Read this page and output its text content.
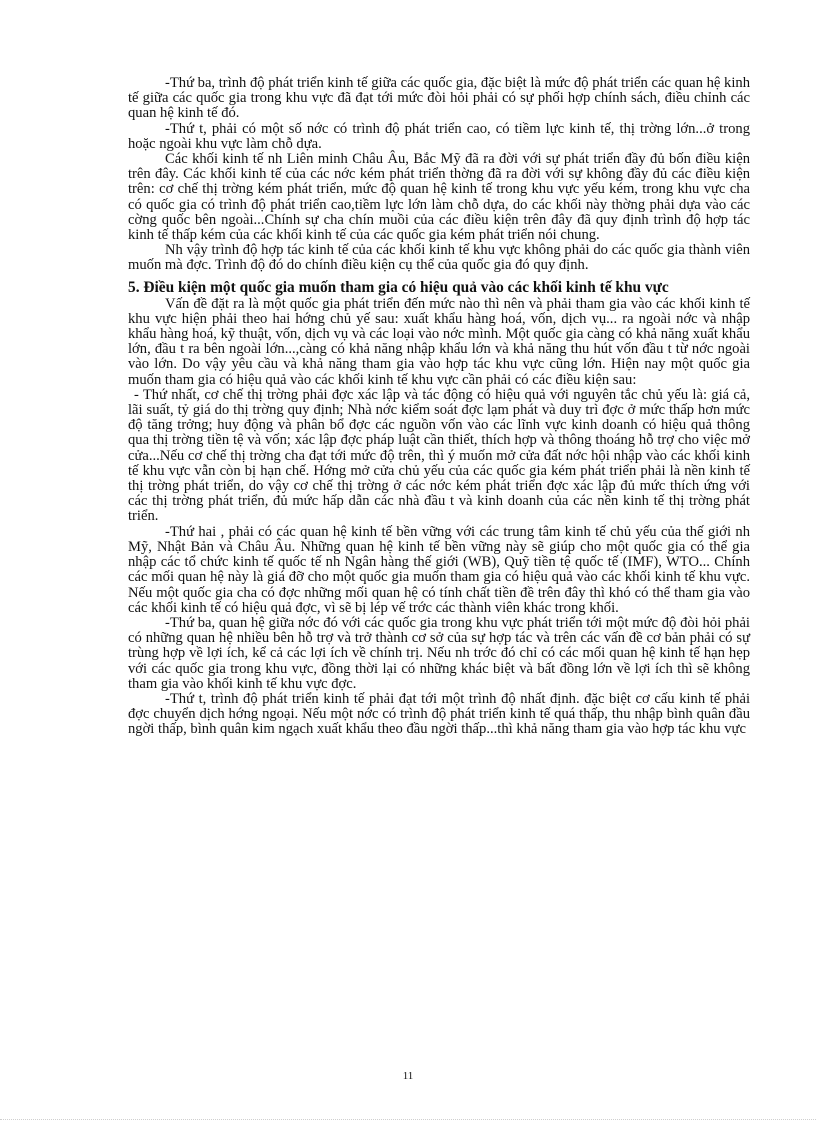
-Thứ ba, trình độ phát triển kinh tế giữa các quốc gia, đặc biệt là mức độ phát triển các quan hệ kinh tế giữa các quốc gia trong khu vực đã đạt tới mức đòi hỏi phải có sự phối hợp chính sách, điều chỉnh các quan hệ kinh tế đó.

-Thứ t, phải có một số nớc có trình độ phát triển cao, có tiềm lực kinh tế, thị trờng lớn...ở trong hoặc ngoài khu vực làm chỗ dựa.

Các khối kinh tế nh Liên minh Châu Âu, Bắc Mỹ đã ra đời với sự phát triển đầy đủ bốn điều kiện trên đây. Các khối kinh tế của các nớc kém phát triển thờng đã ra đời với sự không đầy đủ các điều kiện trên: cơ chế thị trờng kém phát triển, mức độ quan hệ kinh tế trong khu vực yếu kém, trong khu vực cha có quốc gia có trình độ phát triển cao,tiềm lực lớn làm chỗ dựa, do các khối này thờng phải dựa vào các cờng quốc bên ngoài...Chính sự cha chín muồi của các điều kiện trên đây đã quy định trình độ hợp tác kinh tế thấp kém của các khối kinh tế của các quốc gia kém phát triển nói chung.

Nh vậy trình độ hợp tác kinh tế của các khối kinh tế khu vực không phải do các quốc gia thành viên muốn mà đợc. Trình độ đó do chính điều kiện cụ thể của quốc gia đó quy định.

5. Điều kiện một quốc gia muốn tham gia có hiệu quả vào các khối kinh tế khu vực

Vấn đề đặt ra là một quốc gia phát triển đến mức nào thì nên và phải tham gia vào các khối kinh tế khu vực hiện phải theo hai hớng chủ yế sau: xuất khẩu hàng hoá, vốn, dịch vụ... ra ngoài nớc và nhập khẩu hàng hoá, kỹ thuật, vốn, dịch vụ và các loại vào nớc mình. Một quốc gia càng có khả năng xuất khẩu lớn, đầu t ra bên ngoài lớn...,càng có khả năng nhập khẩu lớn và khả năng thu hút vốn đầu t từ nớc ngoài vào lớn. Do vậy yêu cầu và khả năng tham gia vào hợp tác khu vực cũng lớn. Hiện nay một quốc gia muốn tham gia có hiệu quả vào các khối kinh tế khu vực cần phải có các điều kiện sau:

- Thứ nhất, cơ chế thị trờng phải đợc xác lập và tác động có hiệu quả với nguyên tắc chủ yếu là: giá cả, lãi suất, tỷ giá do thị trờng quy định; Nhà nớc kiểm soát đợc lạm phát và duy trì đợc ở mức thấp hơn mức độ tăng trởng; huy động và phân bổ đợc các nguồn vốn vào các lĩnh vực kinh doanh có hiệu quả thông qua thị trờng tiền tệ và vốn; xác lập đợc pháp luật cần thiết, thích hợp và thông thoáng hỗ trợ cho việc mở cửa...Nếu cơ chế thị trờng cha đạt tới mức độ trên, thì ý muốn mở cửa đất nớc hội nhập vào các khối kinh tế khu vực vẫn còn bị hạn chế. Hớng mở cửa chủ yếu của các quốc gia kém phát triển phải là nền kinh tế thị trờng phát triển, do vậy cơ chế thị trờng ở các nớc kém phát triển đợc xác lập đủ mức thích ứng với các thị trờng phát triển, đủ mức hấp dẫn các nhà đầu t và kinh doanh của các nền kinh tế thị trờng phát triển.

-Thứ hai , phải có các quan hệ kinh tế bền vững với các trung tâm kinh tế chủ yếu của thế giới nh Mỹ, Nhật Bản và Châu Âu. Những quan hệ kinh tế bền vững này sẽ giúp cho một quốc gia có thể gia nhập các tổ chức kinh tế quốc tế nh Ngân hàng thế giới (WB), Quỹ tiền tệ quốc tế (IMF), WTO... Chính các mối quan hệ này là giá đỡ cho một quốc gia muốn tham gia có hiệu quả vào các khối kinh tế khu vực. Nếu một quốc gia cha có đợc những mối quan hệ có tính chất tiền đề trên đây thì khó có thể tham gia vào các khối kinh tế có hiệu quả đợc, vì sẽ bị lép vế trớc các thành viên khác trong khối.

-Thứ ba, quan hệ giữa nớc đó với các quốc gia trong khu vực phát triển tới một mức độ đòi hỏi phải có những quan hệ nhiều bên hỗ trợ và trở thành cơ sở của sự hợp tác và trên các vấn đề cơ bản phải có sự trùng hợp về lợi ích, kể cả các lợi ích về chính trị. Nếu nh trớc đó chỉ có các mối quan hệ kinh tế hạn hẹp với các quốc gia trong khu vực, đồng thời lại có những khác biệt và bất đồng lớn về lợi ích thì sẽ không tham gia vào khối kinh tế khu vực đợc.

-Thứ t, trình độ phát triển kinh tế phải đạt tới một trình độ nhất định. đặc biệt cơ cấu kinh tế phải đợc chuyển dịch hớng ngoại. Nếu một nớc có trình độ phát triển kinh tế quá thấp, thu nhập bình quân đầu ngời thấp, bình quân kim ngạch xuất khẩu theo đầu ngời thấp...thì khả năng tham gia vào hợp tác khu vực

11
